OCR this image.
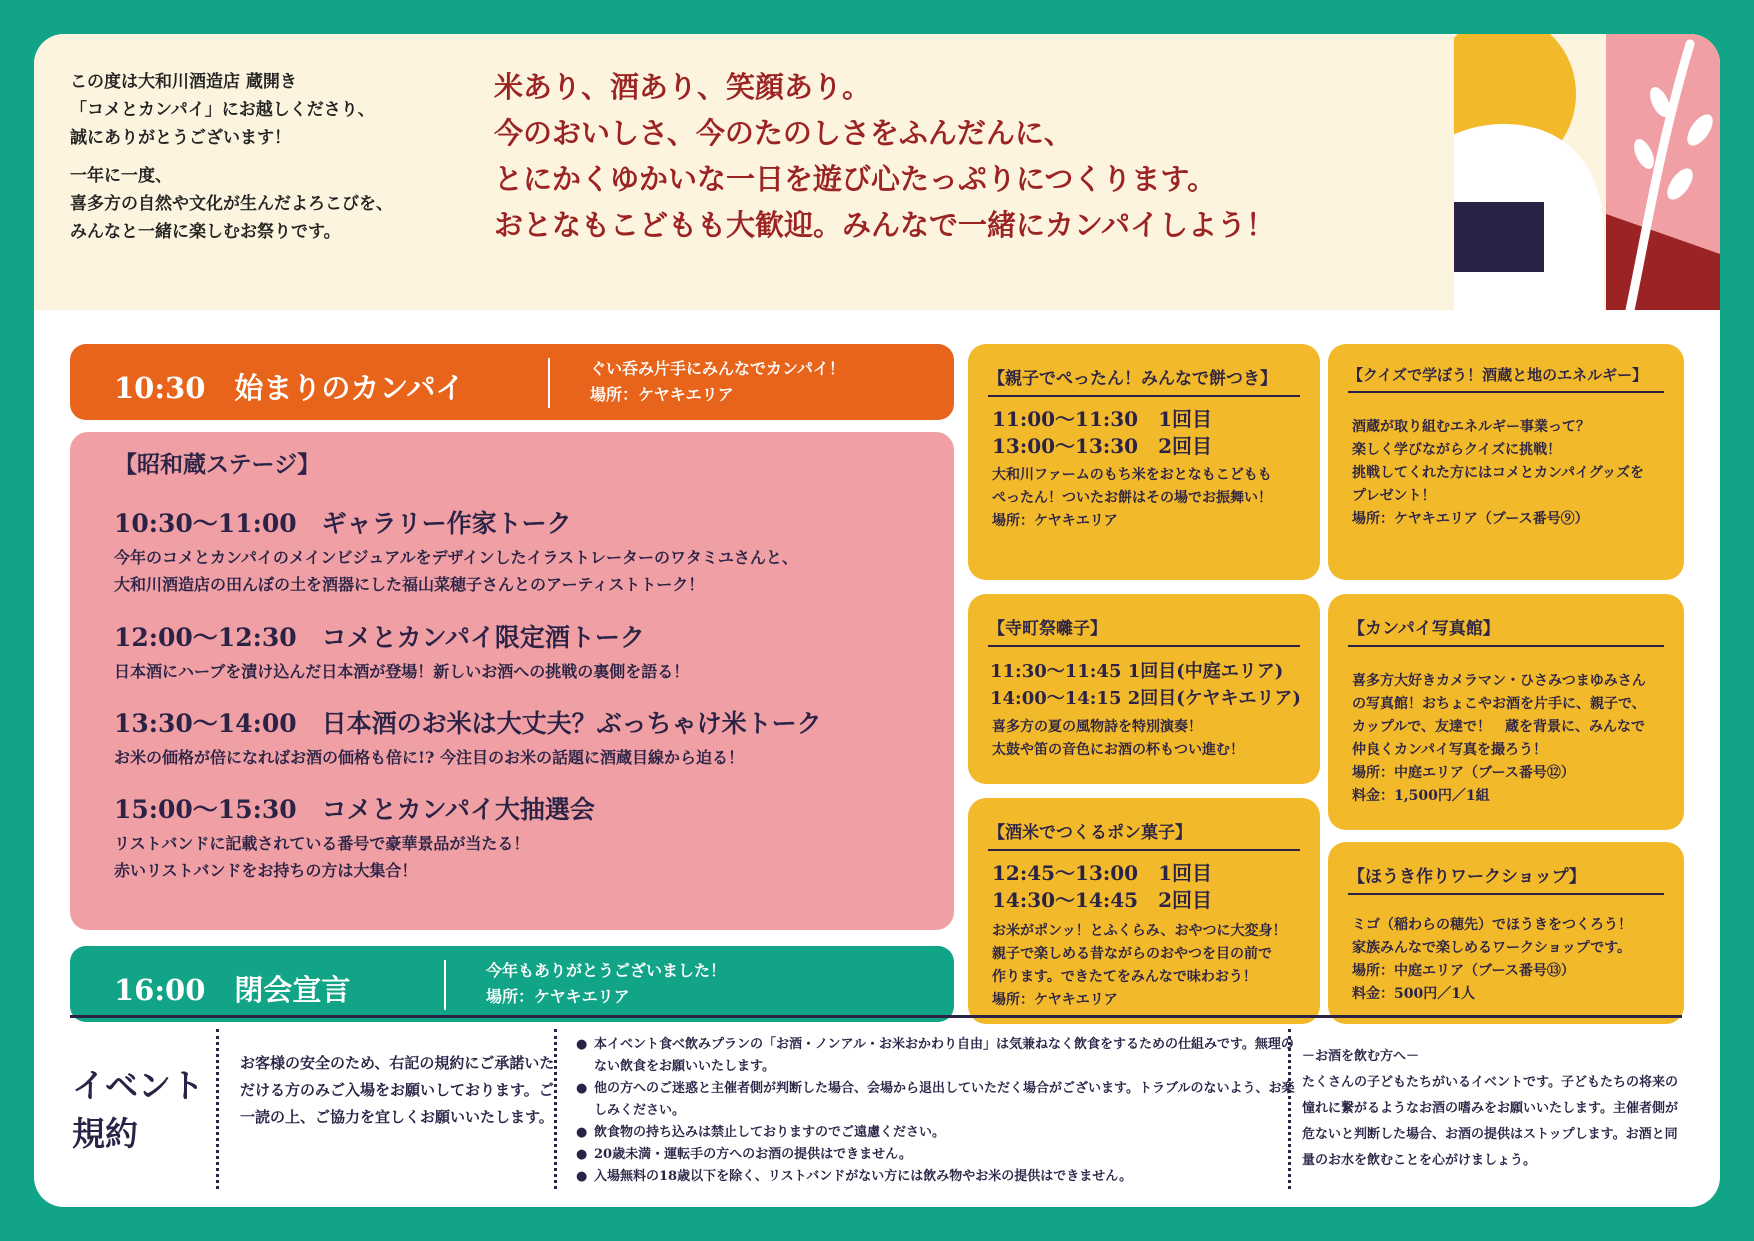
この度は大和川酒造店 蔵開き
「コメとカンパイ」にお越しくださり、
誠にありがとうございます！

一年に一度、
喜多方の自然や文化が生んだよろこびを、
みんなと一緒に楽しむお祭りです。

米あり、酒あり、笑顔あり。
今のおいしさ、今のたのしさをふんだんに、
とにかくゆかいな一日を遊び心たっぷりにつくります。
おとなもこどもも大歓迎。みんなで一緒にカンパイしよう！
10:30　始まりのカンパイ
ぐい呑み片手にみんなでカンパイ！
場所：ケヤキエリア
【昭和蔵ステージ】
10:30～11:00　ギャラリー作家トーク
今年のコメとカンパイのメインビジュアルをデザインしたイラストレーターのワタミユさんと、
大和川酒造店の田んぼの土を酒器にした福山菜穂子さんとのアーティストトーク！
12:00～12:30　コメとカンパイ限定酒トーク
日本酒にハーブを漬け込んだ日本酒が登場！新しいお酒への挑戦の裏側を語る！
13:30～14:00　日本酒のお米は大丈夫？ぶっちゃけ米トーク
お米の価格が倍になればお酒の価格も倍に!? 今注目のお米の話題に酒蔵目線から迫る！
15:00～15:30　コメとカンパイ大抽選会
リストバンドに記載されている番号で豪華景品が当たる！
赤いリストバンドをお持ちの方は大集合！
16:00　閉会宣言
今年もありがとうございました！
場所：ケヤキエリア
【親子でぺったん！みんなで餅つき】
11:00～11:30　1回目
13:00～13:30　2回目
大和川ファームのもち米をおとなもこどもも
ぺったん！ついたお餅はその場でお振舞い！
場所：ケヤキエリア
【クイズで学ぼう！酒蔵と地のエネルギー】
酒蔵が取り組むエネルギー事業って？
楽しく学びながらクイズに挑戦！
挑戦してくれた方にはコメとカンパイグッズを
プレゼント！
場所：ケヤキエリア（ブース番号⑨）
【寺町祭囃子】
11:30～11:45 1回目(中庭エリア)
14:00～14:15 2回目(ケヤキエリア)
喜多方の夏の風物詩を特別演奏！
太鼓や笛の音色にお酒の杯もつい進む！
【カンパイ写真館】
喜多方大好きカメラマン・ひさみつまゆみさん
の写真館！おちょこやお酒を片手に、親子で、
カップルで、友達で！　蔵を背景に、みんなで
仲良くカンパイ写真を撮ろう！
場所：中庭エリア（ブース番号⑫）
料金：1,500円／1組
【酒米でつくるポン菓子】
12:45～13:00　1回目
14:30～14:45　2回目
お米がポンッ！とふくらみ、おやつに大変身！
親子で楽しめる昔ながらのおやつを目の前で
作ります。できたてをみんなで味わおう！
場所：ケヤキエリア
【ほうき作りワークショップ】
ミゴ（稲わらの穂先）でほうきをつくろう！
家族みんなで楽しめるワークショップです。
場所：中庭エリア（ブース番号⑬）
料金：500円／1人
イベント
規約
お客様の安全のため、右記の規約にご承諾いただける方のみご入場をお願いしております。ご一読の上、ご協力を宜しくお願いいたします。
● 本イベント食べ飲みプランの「お酒・ノンアル・お米おかわり自由」は気兼ねなく飲食をするための仕組みです。無理のない飲食をお願いいたします。
● 他の方へのご迷惑と主催者側が判断した場合、会場から退出していただく場合がございます。トラブルのないよう、お楽しみください。
● 飲食物の持ち込みは禁止しておりますのでご遠慮ください。
● 20歳未満・運転手の方へのお酒の提供はできません。
● 入場無料の18歳以下を除く、リストバンドがない方には飲み物やお米の提供はできません。
－お酒を飲む方へ－
たくさんの子どもたちがいるイベントです。子どもたちの将来の憧れに繋がるようなお酒の嗜みをお願いいたします。主催者側が危ないと判断した場合、お酒の提供はストップします。お酒と同量のお水を飲むことを心がけましょう。
